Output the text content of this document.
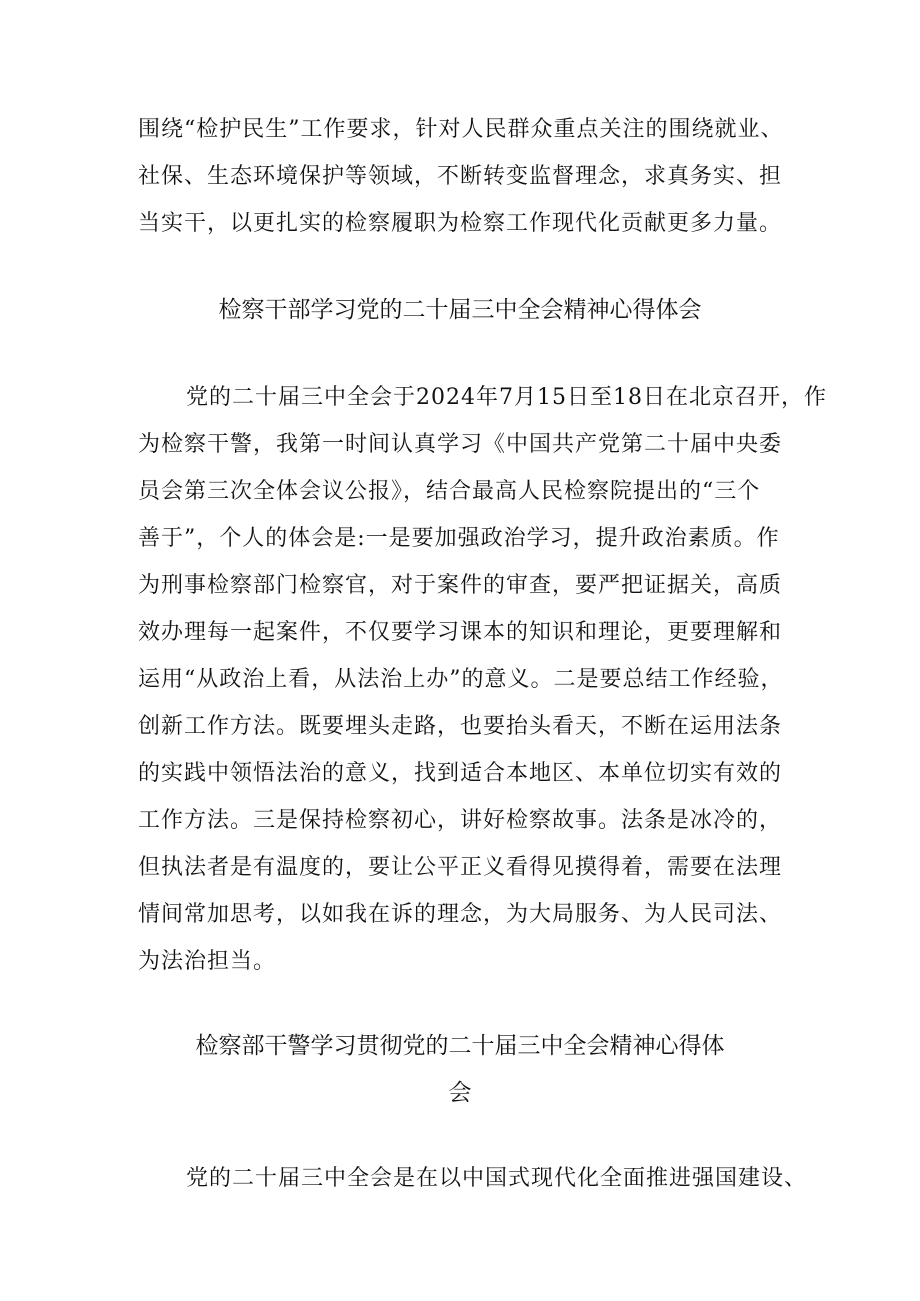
围绕“检护民生”工作要求，针对人民群众重点关注的围绕就业、
社保、生态环境保护等领域，不断转变监督理念，求真务实、担
当实干，以更扎实的检察履职为检察工作现代化贡献更多力量。
检察干部学习党的二十届三中全会精神心得体会
党的二十届三中全会于2024年7月15日至18日在北京召开，作
为检察干警，我第一时间认真学习《中国共产党第二十届中央委
员会第三次全体会议公报》，结合最高人民检察院提出的“三个
善于”，个人的体会是:一是要加强政治学习，提升政治素质。作
为刑事检察部门检察官，对于案件的审查，要严把证据关，高质
效办理每一起案件，不仅要学习课本的知识和理论，更要理解和
运用“从政治上看，从法治上办”的意义。二是要总结工作经验，
创新工作方法。既要埋头走路，也要抬头看天，不断在运用法条
的实践中领悟法治的意义，找到适合本地区、本单位切实有效的
工作方法。三是保持检察初心，讲好检察故事。法条是冰冷的，
但执法者是有温度的，要让公平正义看得见摸得着，需要在法理
情间常加思考，以如我在诉的理念，为大局服务、为人民司法、
为法治担当。
检察部干警学习贯彻党的二十届三中全会精神心得体
会
党的二十届三中全会是在以中国式现代化全面推进强国建设、
